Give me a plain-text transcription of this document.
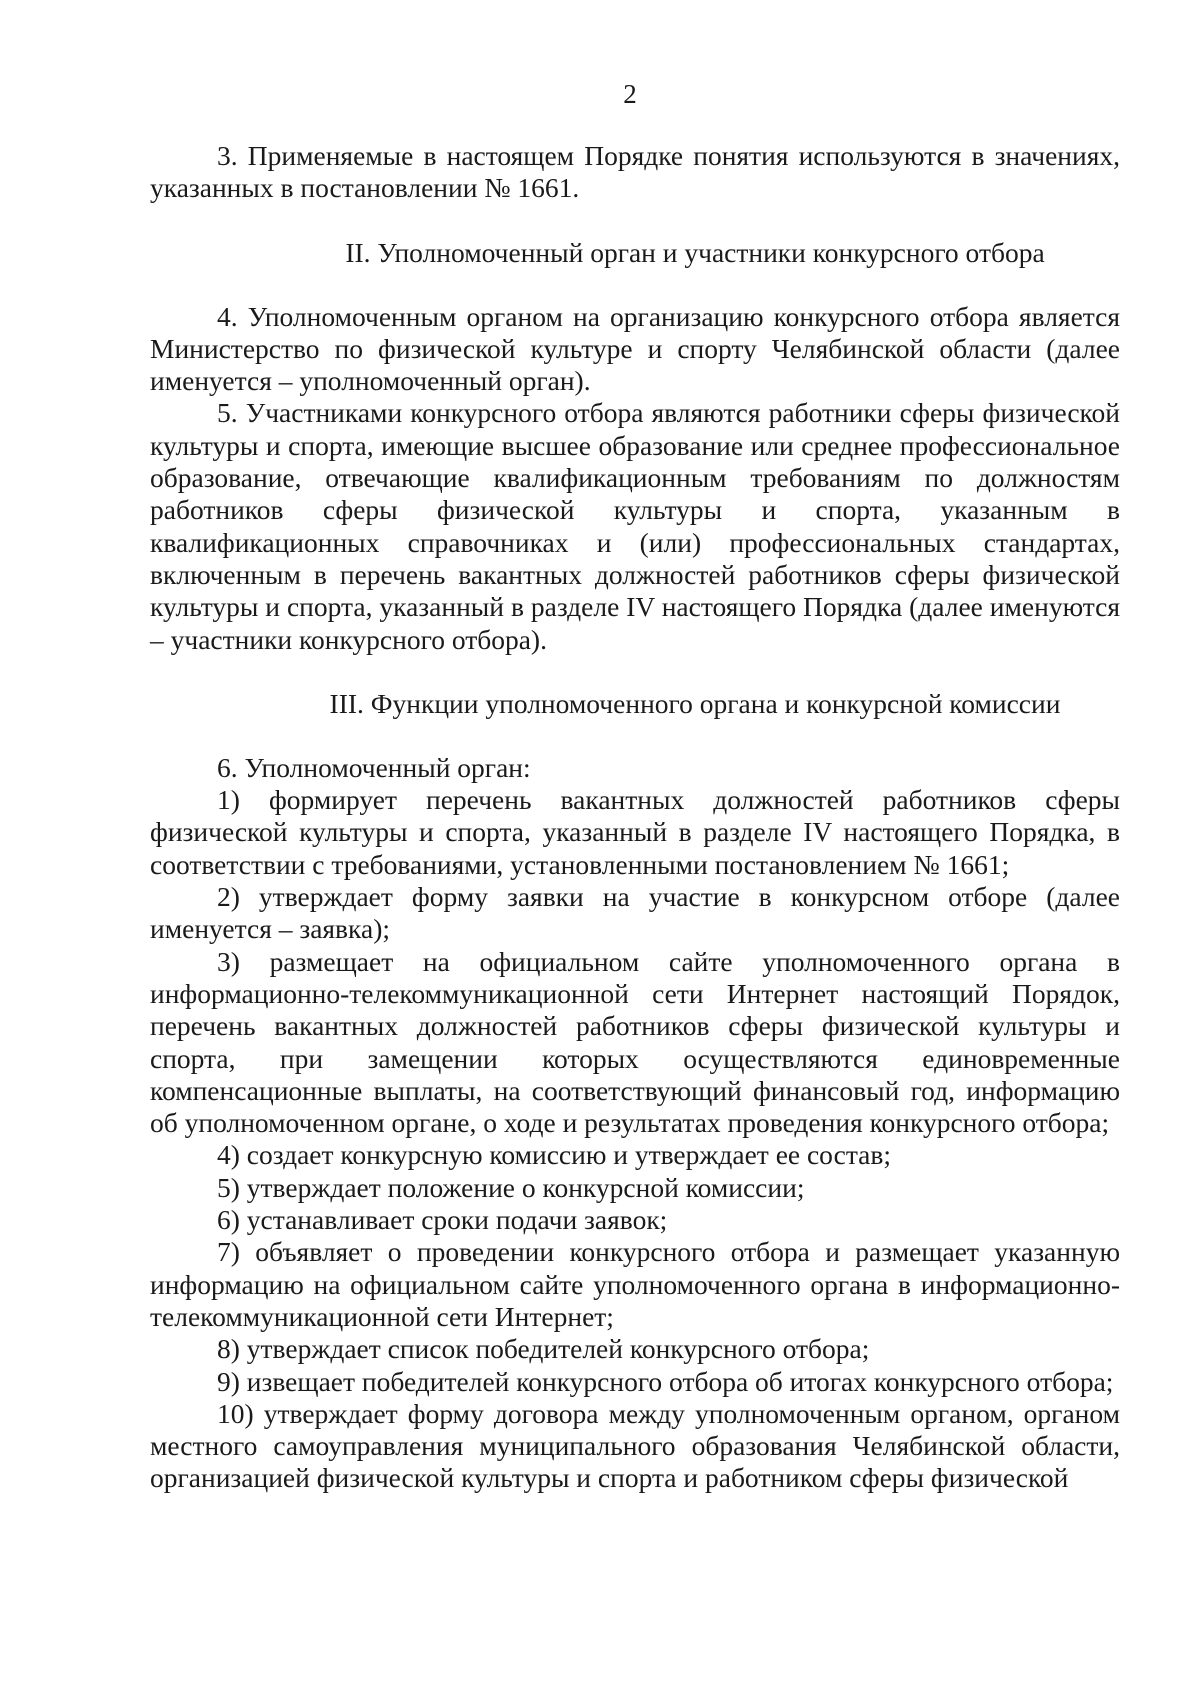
2

3. Применяемые в настоящем Порядке понятия используются в значениях, указанных в постановлении № 1661.

II. Уполномоченный орган и участники конкурсного отбора

4. Уполномоченным органом на организацию конкурсного отбора является Министерство по физической культуре и спорту Челябинской области (далее именуется – уполномоченный орган).

5. Участниками конкурсного отбора являются работники сферы физической культуры и спорта, имеющие высшее образование или среднее профессиональное образование, отвечающие квалификационным требованиям по должностям работников сферы физической культуры и спорта, указанным в квалификационных справочниках и (или) профессиональных стандартах, включенным в перечень вакантных должностей работников сферы физической культуры и спорта, указанный в разделе IV настоящего Порядка (далее именуются – участники конкурсного отбора).

III. Функции уполномоченного органа и конкурсной комиссии

6. Уполномоченный орган:

1) формирует перечень вакантных должностей работников сферы физической культуры и спорта, указанный в разделе IV настоящего Порядка, в соответствии с требованиями, установленными постановлением № 1661;

2) утверждает форму заявки на участие в конкурсном отборе (далее именуется – заявка);

3) размещает на официальном сайте уполномоченного органа в информационно-телекоммуникационной сети Интернет настоящий Порядок, перечень вакантных должностей работников сферы физической культуры и спорта, при замещении которых осуществляются единовременные компенсационные выплаты, на соответствующий финансовый год, информацию об уполномоченном органе, о ходе и результатах проведения конкурсного отбора;

4) создает конкурсную комиссию и утверждает ее состав;

5) утверждает положение о конкурсной комиссии;

6) устанавливает сроки подачи заявок;

7) объявляет о проведении конкурсного отбора и размещает указанную информацию на официальном сайте уполномоченного органа в информационно-телекоммуникационной сети Интернет;

8) утверждает список победителей конкурсного отбора;

9) извещает победителей конкурсного отбора об итогах конкурсного отбора;

10) утверждает форму договора между уполномоченным органом, органом местного самоуправления муниципального образования Челябинской области, организацией физической культуры и спорта и работником сферы физической
